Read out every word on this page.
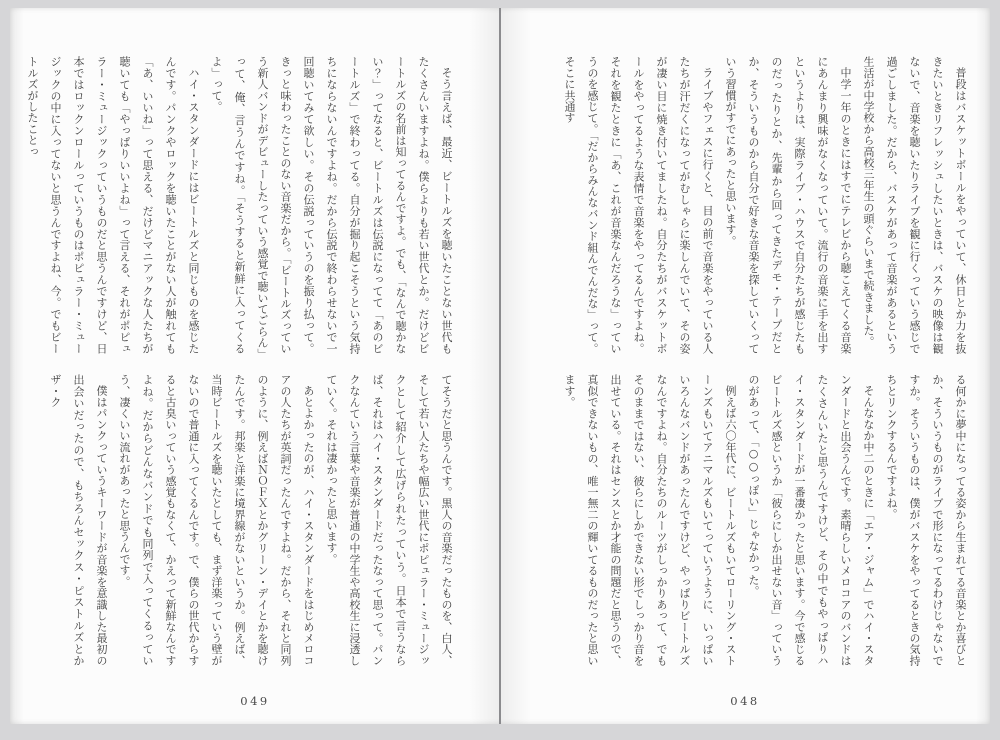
普段はバスケットボールをやっていて、休日とか力を抜きたいときリフレッシュしたいときは、バスケの映像は観ないで、音楽を聴いたりライブを観に行くっていう感じで過ごしました。だから、バスケがあって音楽があるという生活が中学校から高校三年生の頭ぐらいまで続きました。

中学一年のときにはすでにテレビから聴こえてくる音楽にあんまり興味がなくなっていて。流行の音楽に手を出すというよりは、実際ライブ・ハウスで自分たちが感じたものだったりとか、先輩から回ってきたデモ・テープだとか、そういうものから自分で好きな音楽を探していくっていう習慣がすでにあったと思います。

ライブやフェスに行くと、目の前で音楽をやっている人たちが汗だくになってがむしゃらに楽しんでいて、その姿が凄い目に焼き付いてましたね。自分たちがバスケットボールをやってるような表情で音楽をやってるんですよね。それを観たときに「あ、これが音楽なんだろうな」っていうのを感じて。「だからみんなバンド組んでんだな」って。そこに共通す

る何かに夢中になってる姿から生まれてる音楽とか喜びとか、そういうものがライブで形になってるわけじゃないですか。そういうものは、僕がバスケをやってるときの気持ちとリンクするんですよね。

そんななか中二のときに「エア・ジャム」でハイ・スタンダードと出会うんです。素晴らしいメロコアのバンドはたくさんいたと思うんですけど、その中でもやっぱりハイ・スタンダードが一番凄かったと思います。今で感じるビートルズ感というか「彼らにしか出せない音」っていうのがあって、「○○っぽい」じゃなかった。

例えば六〇年代に、ビートルズもいてローリング・ストーンズもいてアニマルズもいてっていうように、いっぱいいろんなバンドがあったんですけど、やっぱりビートルズなんですよね。自分たちのルーツがしっかりあって、でもそのままではない、彼らにしかできない形でしっかり音を出せている。それはセンスとか才能の問題だと思うので、真似できないもの、唯一無二の輝いてるものだったと思います。

048

そう言えば、最近、ビートルズを聴いたことない世代もたくさんいますよね。僕らよりも若い世代とか。だけどビートルズの名前は知ってるんですよ。でも、「なんで聴かない？」ってなると、ビートルズは伝説になってて「あのビートルズ」で終わってる。自分が掘り起こそうという気持ちにならないんですよね。だから伝説で終わらせないで一回聴いてみて欲しい。その伝説っていうのを振り払って。きっと味わったことのない音楽だから。「ビートルズっていう新人バンドがデビューしたっていう感覚で聴いてごらん」って、俺、言うんですね。「そうすると新鮮に入ってくるよ」って。

ハイ・スタンダードにはビートルズと同じものを感じたんです。パンクやロックを聴いたことがない人が触れても「あ、いいね」って思える、だけどマニアックな人たちが聴いても「やっぱりいいよね」って言える、それがポピュラー・ミュージックっていうものだと思うんですけど、日本ではロックンロールっていうものはポピュラー・ミュージックの中に入ってないと思うんですよね、今。でもビートルズがしたことっ

てそうだと思うんです。黒人の音楽だったものを、白人、そして若い人たちや幅広い世代にポピュラー・ミュージックとして紹介して広げられたっていう。日本で言うならば、それはハイ・スタンダードだったなって思って。パンクなんていう言葉や音楽が普通の中学生や高校生に浸透していく。それは凄かったと思います。

あとよかったのが、ハイ・スタンダードをはじめメロコアの人たちが英詞だったんですよね。だから、それと同列のように、例えばＮＯＦＸとかグリーン・デイとかを聴けたんです。邦楽と洋楽に境界線がないというか。例えば、当時ビートルズを聴いたとしても、まず洋楽っていう壁がないので普通に入ってくるんです。で、僕らの世代からすると古臭いっていう感覚もなくて、かえって新鮮なんですよね。だからどんなバンドでも同列で入ってくるっていう、凄くいい流れがあったと思うんです。

僕はパンクっていうキーワードが音楽を意識した最初の出会いだったので、もちろんセックス・ピストルズとかザ・ク

049
